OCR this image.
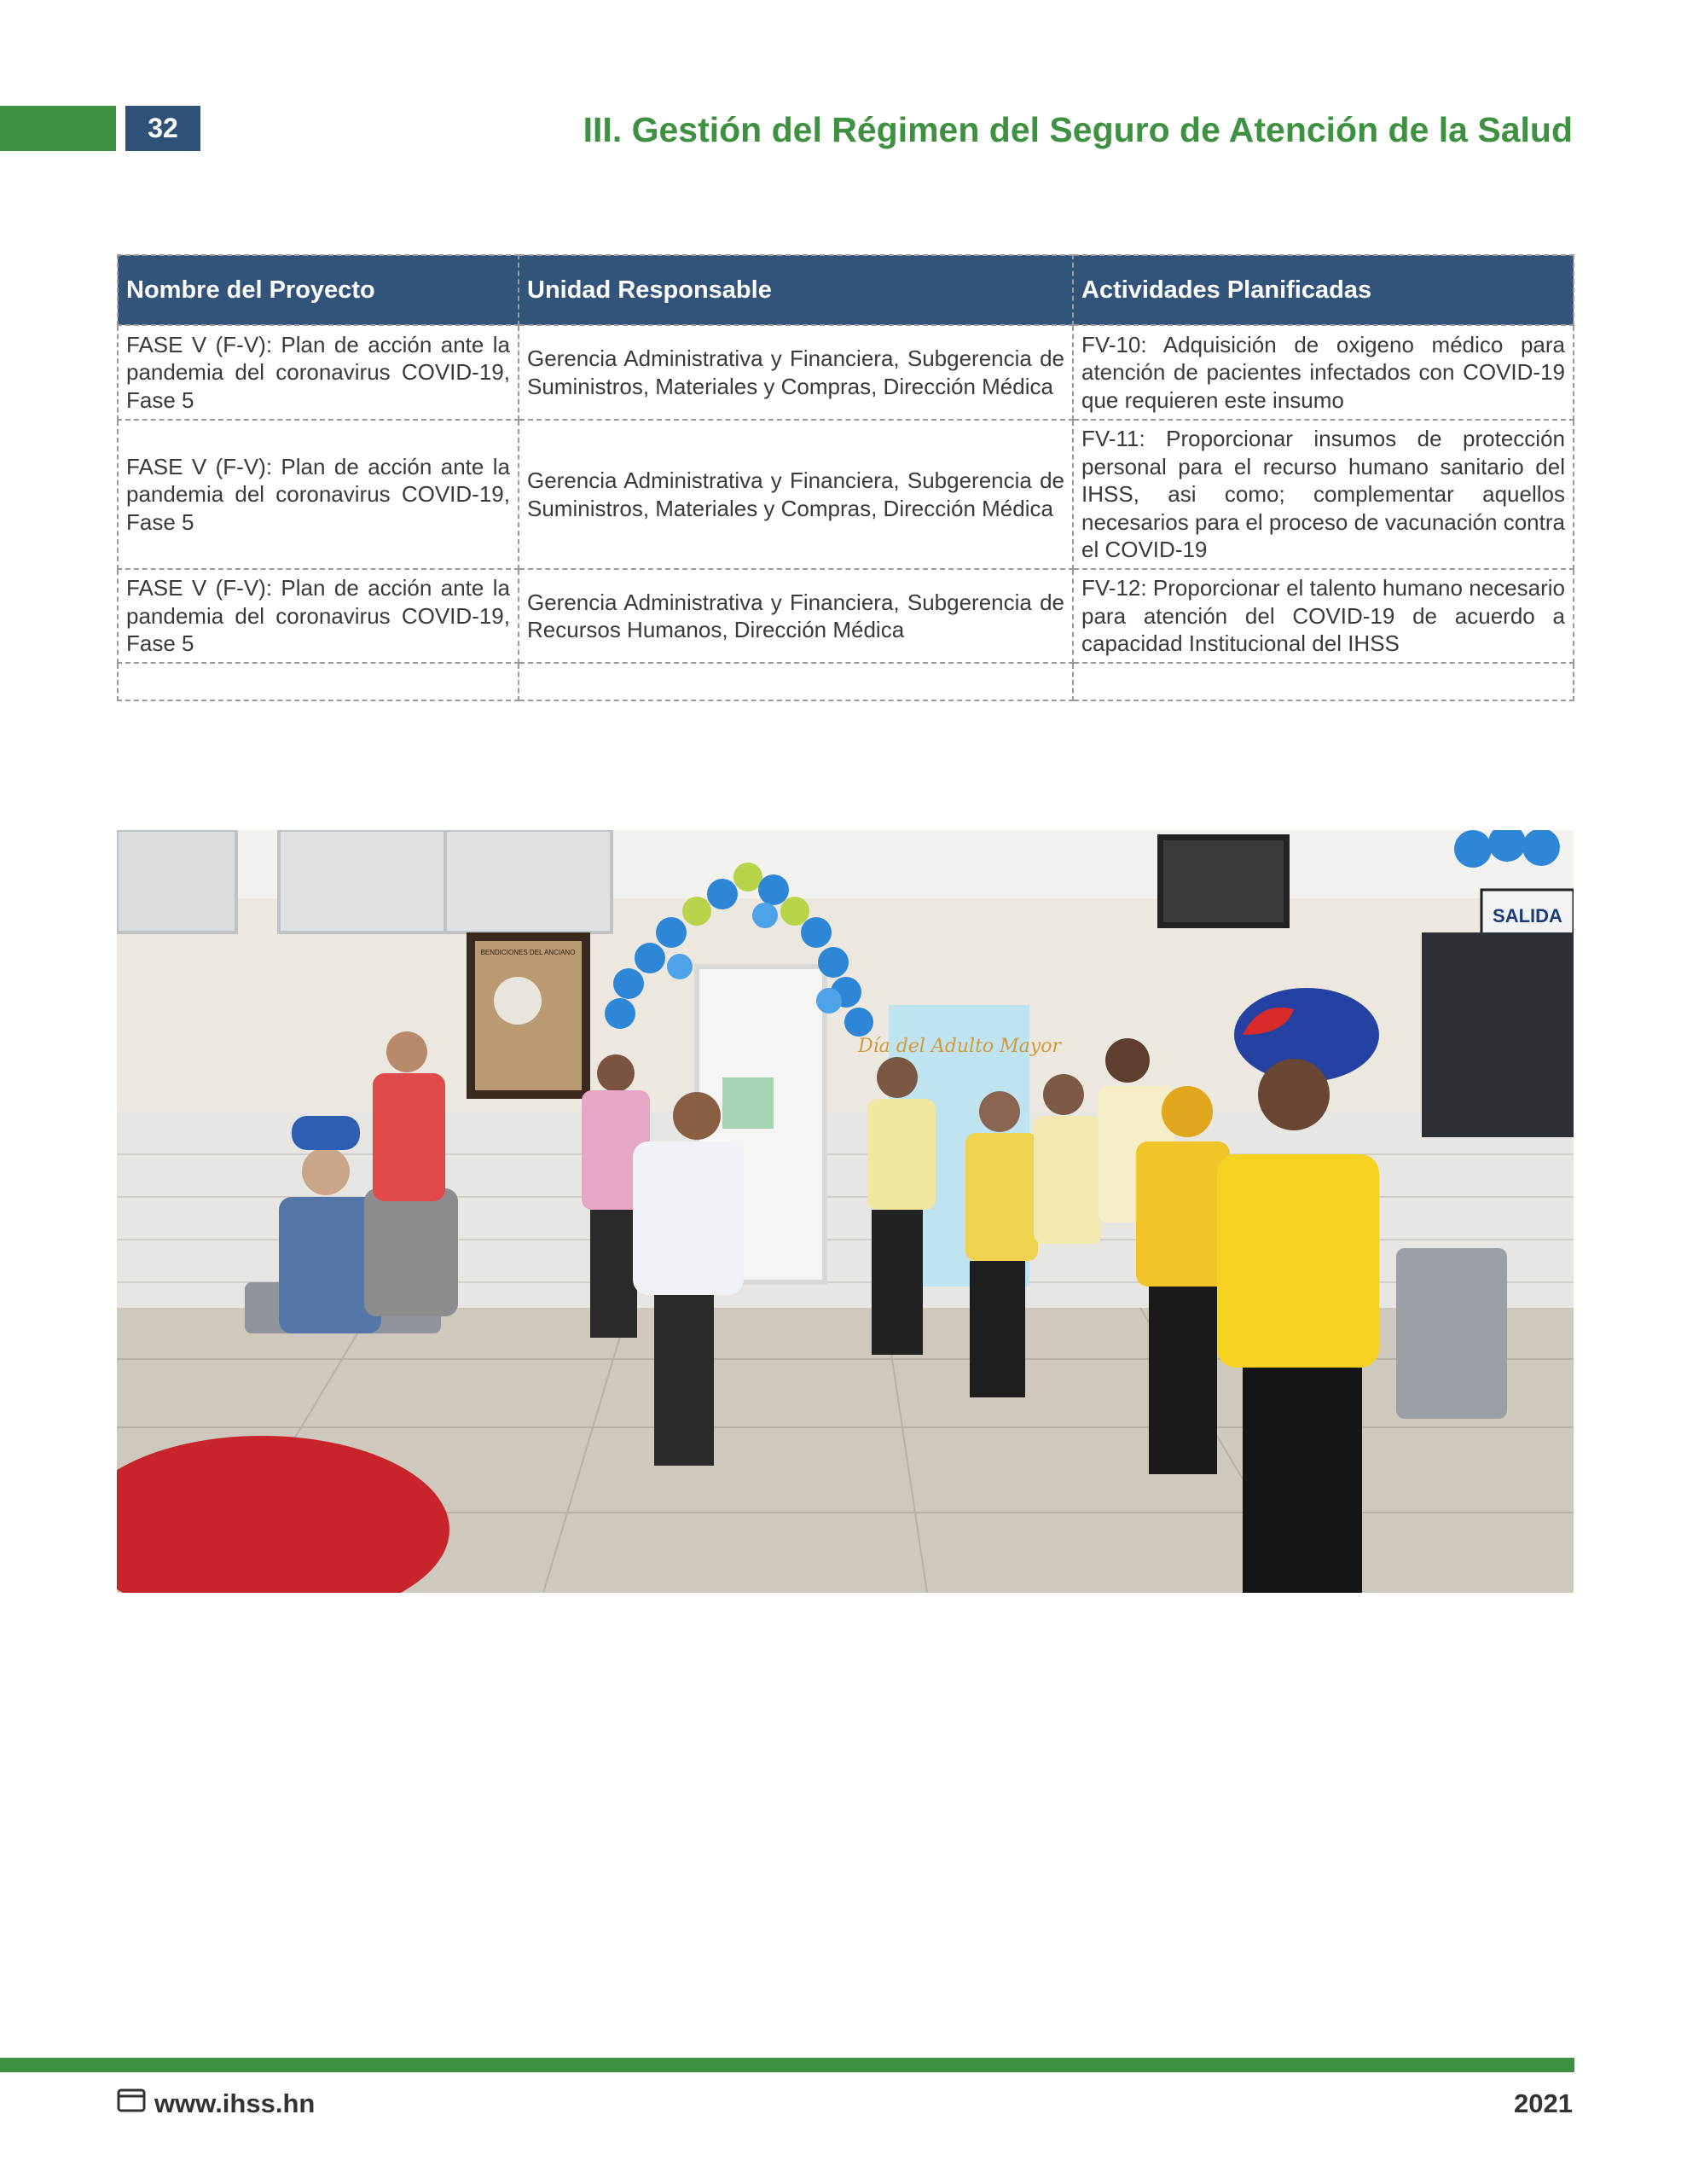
32	III. Gestión del Régimen del Seguro de Atención de la Salud
Nombre del Proyecto	Unidad Responsable	Actividades Planificadas
FASE V (F-V): Plan de acción ante la pandemia del coronavirus COVID-19, Fase 5	Gerencia Administrativa y Financiera, Subgerencia de Suministros, Materiales y Compras, Dirección Médica	FV-10: Adquisición de oxigeno médico para atención de pacientes infectados con COVID-19 que requieren este insumo
FASE V (F-V): Plan de acción ante la pandemia del coronavirus COVID-19, Fase 5	Gerencia Administrativa y Financiera, Subgerencia de Suministros, Materiales y Compras, Dirección Médica	FV-11: Proporcionar insumos de protección personal para el recurso humano sanitario del IHSS, asi como; complementar aquellos necesarios para el proceso de vacunación contra el COVID-19
FASE V (F-V): Plan de acción ante la pandemia del coronavirus COVID-19, Fase 5	Gerencia Administrativa y Financiera, Subgerencia de Recursos Humanos, Dirección Médica	FV-12: Proporcionar el talento humano necesario para atención del COVID-19 de acuerdo a capacidad Institucional del IHSS

BENDICIONES DEL ANCIANO
Día del Adulto Mayor
SALIDA
www.ihss.hn	2021
